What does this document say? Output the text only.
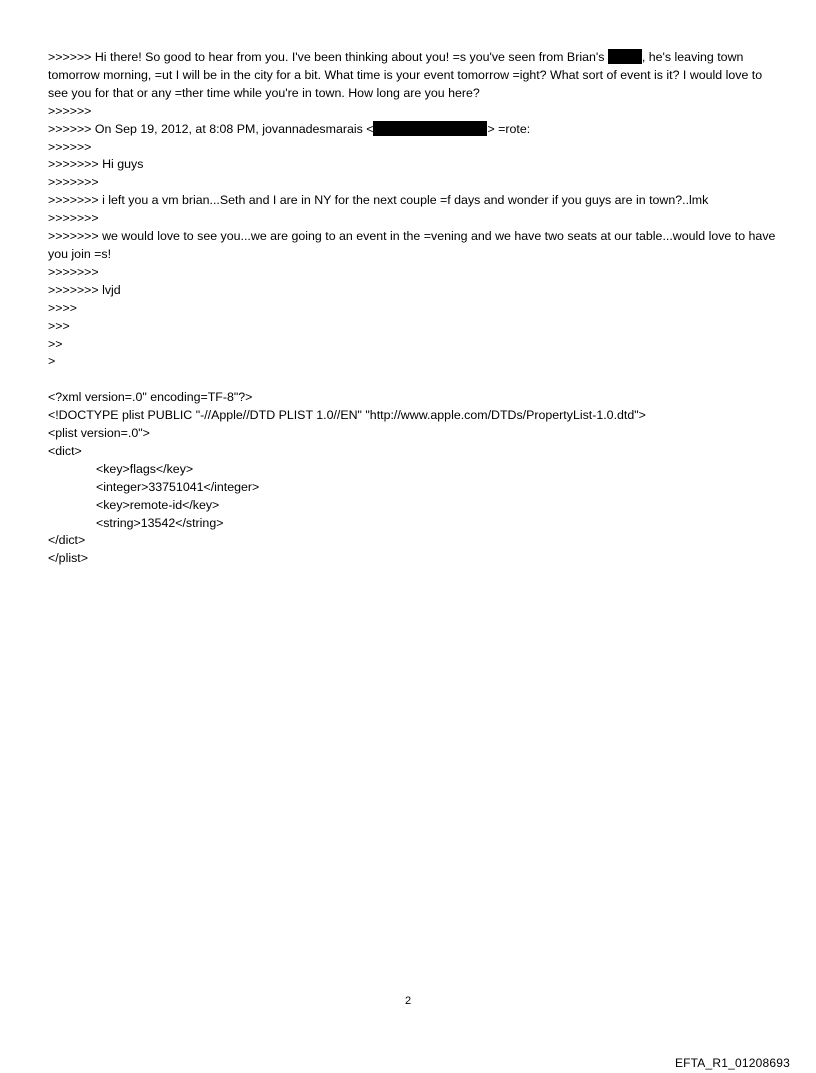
>>>>>> Hi there! So good to hear from you. I've been thinking about you! =s you've seen from Brian's	, he's leaving town tomorrow morning, =ut I will be in the city for a bit. What time is your event tomorrow =ight? What sort of event is it? I would love to see you for that or any =ther time while you're in town. How long are you here?
>>>>>>
>>>>>> On Sep 19, 2012, at 8:08 PM, jovannadesmarais <	> =rote:
>>>>>>
>>>>>>> Hi guys
>>>>>>>
>>>>>>> i left you a vm brian...Seth and I are in NY for the next couple =f days and wonder if you guys are in town?..lmk
>>>>>>>
>>>>>>> we would love to see you...we are going to an event in the =vening and we have two seats at our table...would love to have you join =s!
>>>>>>>
>>>>>>> lvjd
>>>>
>>>
>>
>
<?xml version=.0" encoding=TF-8"?>
<!DOCTYPE plist PUBLIC "-//Apple//DTD PLIST 1.0//EN" "http://www.apple.com/DTDs/PropertyList-1.0.dtd">
<plist version=.0">
<dict>
<key>flags</key>
<integer>33751041</integer>
<key>remote-id</key>
<string>13542</string>
</dict>
</plist>
2
EFTA_R1_01208693
